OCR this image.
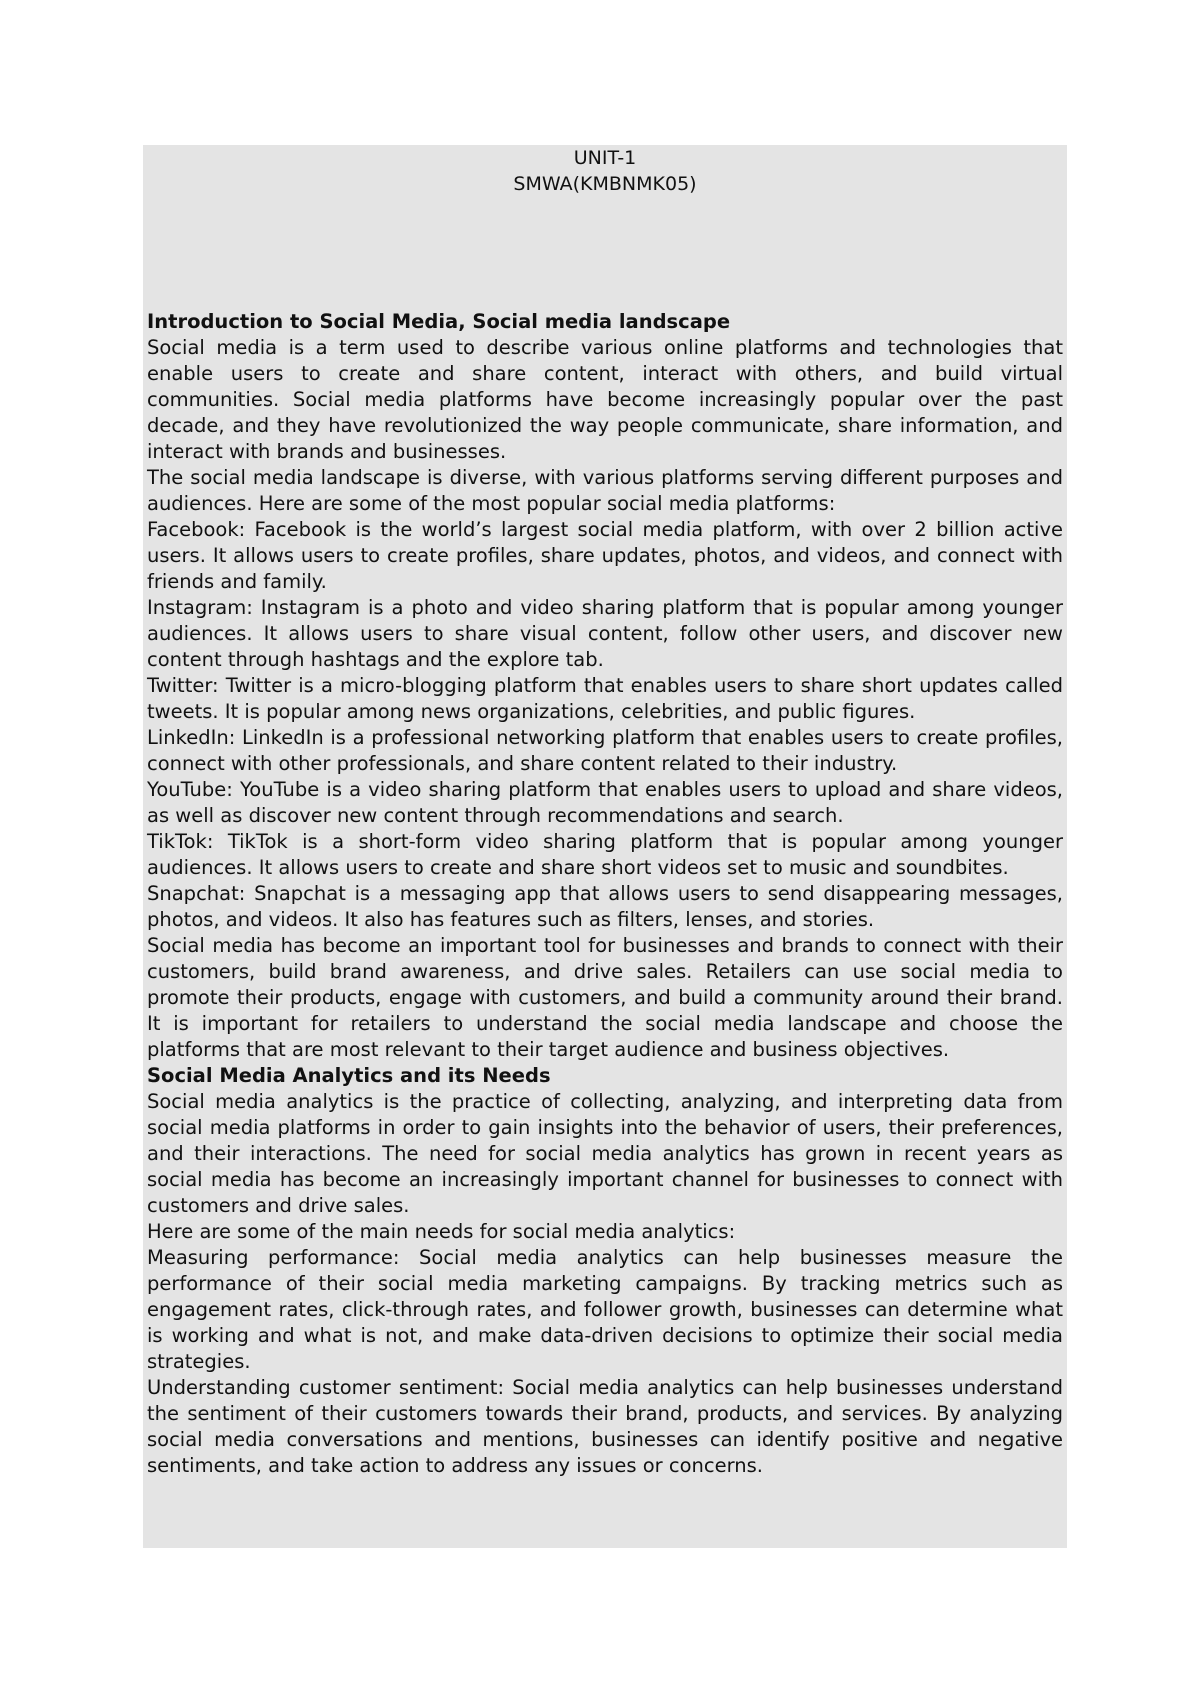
UNIT-1

SMWA(KMBNMK05)

Introduction to Social Media, Social media landscape

Social media is a term used to describe various online platforms and technologies that enable users to create and share content, interact with others, and build virtual communities. Social media platforms have become increasingly popular over the past decade, and they have revolutionized the way people communicate, share information, and interact with brands and businesses.

The social media landscape is diverse, with various platforms serving different purposes and audiences. Here are some of the most popular social media platforms:

Facebook: Facebook is the world’s largest social media platform, with over 2 billion active users. It allows users to create profiles, share updates, photos, and videos, and connect with friends and family.

Instagram: Instagram is a photo and video sharing platform that is popular among younger audiences. It allows users to share visual content, follow other users, and discover new content through hashtags and the explore tab.

Twitter: Twitter is a micro-blogging platform that enables users to share short updates called tweets. It is popular among news organizations, celebrities, and public figures.

LinkedIn: LinkedIn is a professional networking platform that enables users to create profiles, connect with other professionals, and share content related to their industry.

YouTube: YouTube is a video sharing platform that enables users to upload and share videos, as well as discover new content through recommendations and search.

TikTok: TikTok is a short-form video sharing platform that is popular among younger audiences. It allows users to create and share short videos set to music and soundbites.

Snapchat: Snapchat is a messaging app that allows users to send disappearing messages, photos, and videos. It also has features such as filters, lenses, and stories.

Social media has become an important tool for businesses and brands to connect with their customers, build brand awareness, and drive sales. Retailers can use social media to promote their products, engage with customers, and build a community around their brand. It is important for retailers to understand the social media landscape and choose the platforms that are most relevant to their target audience and business objectives.

Social Media Analytics and its Needs

Social media analytics is the practice of collecting, analyzing, and interpreting data from social media platforms in order to gain insights into the behavior of users, their preferences, and their interactions. The need for social media analytics has grown in recent years as social media has become an increasingly important channel for businesses to connect with customers and drive sales.

Here are some of the main needs for social media analytics:

Measuring performance: Social media analytics can help businesses measure the performance of their social media marketing campaigns. By tracking metrics such as engagement rates, click-through rates, and follower growth, businesses can determine what is working and what is not, and make data-driven decisions to optimize their social media strategies.

Understanding customer sentiment: Social media analytics can help businesses understand the sentiment of their customers towards their brand, products, and services. By analyzing social media conversations and mentions, businesses can identify positive and negative sentiments, and take action to address any issues or concerns.
